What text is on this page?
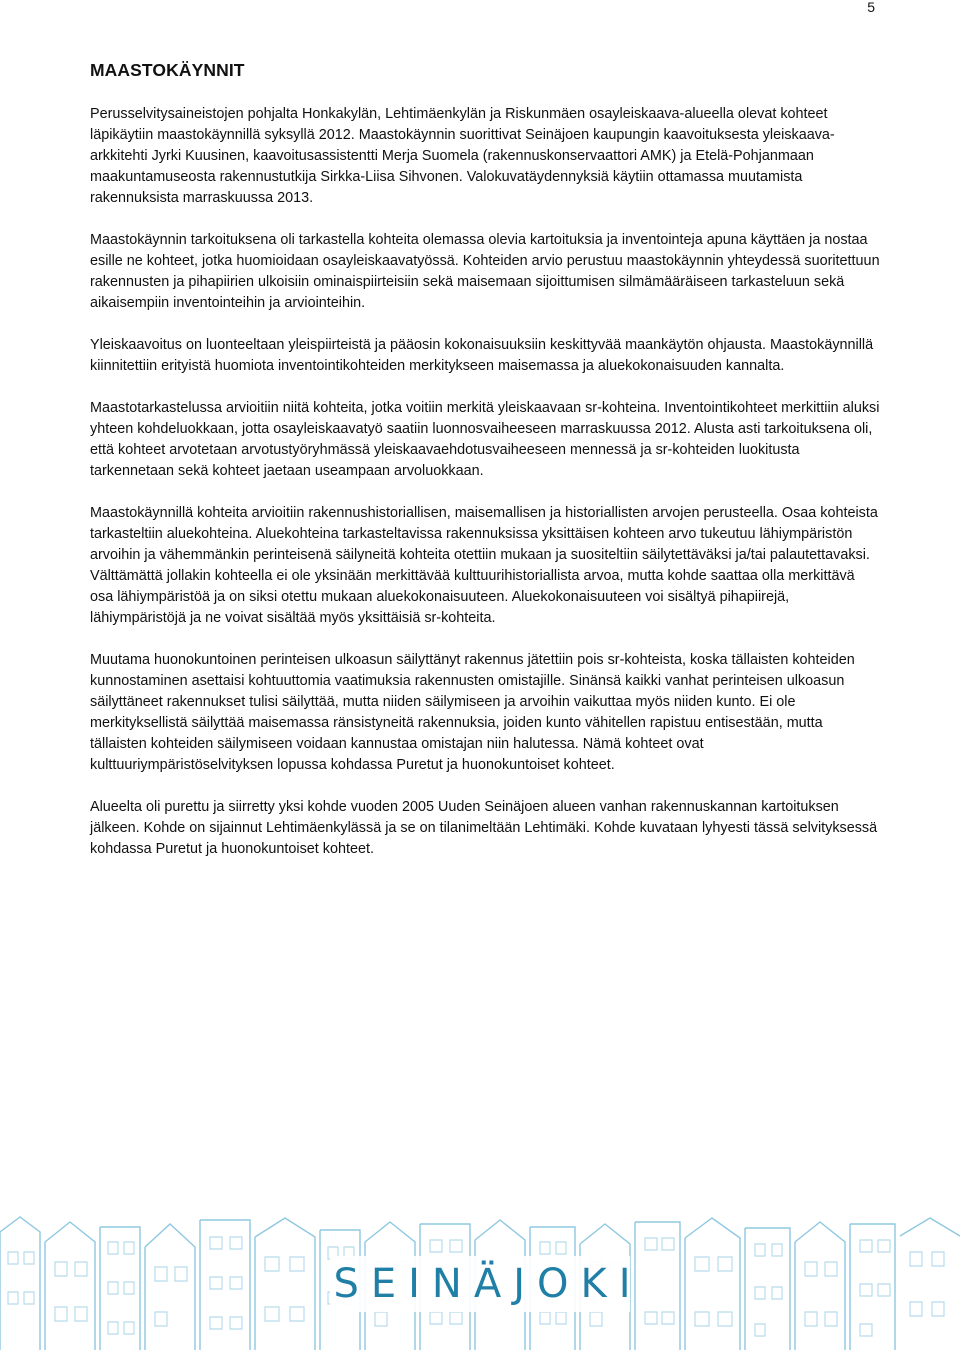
5
MAASTOKÄYNNIT

Perusselvitysaineistojen pohjalta Honkakylän, Lehtimäenkylän ja Riskunmäen osayleiskaava-alueella olevat kohteet läpikäytiin maastokäynnillä syksyllä 2012. Maastokäynnin suorittivat Seinäjoen kaupungin kaavoituksesta yleiskaava-arkkitehti Jyrki Kuusinen, kaavoitusassistentti Merja Suomela (rakennuskonservaattori AMK) ja Etelä-Pohjanmaan maakuntamuseosta rakennustutkija Sirkka-Liisa Sihvonen. Valokuvatäydennyksiä käytiin ottamassa muutamista rakennuksista marraskuussa 2013.

Maastokäynnin tarkoituksena oli tarkastella kohteita olemassa olevia kartoituksia ja inventointeja apuna käyttäen ja nostaa esille ne kohteet, jotka huomioidaan osayleiskaavatyössä. Kohteiden arvio perustuu maastokäynnin yhteydessä suoritettuun rakennusten ja pihapiirien ulkoisiin ominaispiirteisiin sekä maisemaan sijoittumisen silmämääräiseen tarkasteluun sekä aikaisempiin inventointeihin ja arviointeihin.

Yleiskaavoitus on luonteeltaan yleispiirteistä ja pääosin kokonaisuuksiin keskittyvää maankäytön ohjausta. Maastokäynnillä kiinnitettiin erityistä huomiota inventointikohteiden merkitykseen maisemassa ja aluekokonaisuuden kannalta.

Maastotarkastelussa arvioitiin niitä kohteita, jotka voitiin merkitä yleiskaavaan sr-kohteina. Inventointikohteet merkittiin aluksi yhteen kohdeluokkaan, jotta osayleiskaavatyö saatiin luonnosvaiheeseen marraskuussa 2012. Alusta asti tarkoituksena oli, että kohteet arvotetaan arvotustyöryhmässä yleiskaavaehdotusvaiheeseen mennessä ja sr-kohteiden luokitusta tarkennetaan sekä kohteet jaetaan useampaan arvoluokkaan.

Maastokäynnillä kohteita arvioitiin rakennushistoriallisen, maisemallisen ja historiallisten arvojen perusteella. Osaa kohteista tarkasteltiin aluekohteina. Aluekohteina tarkasteltavissa rakennuksissa yksittäisen kohteen arvo tukeutuu lähiympäristön arvoihin ja vähemmänkin perinteisenä säilyneitä kohteita otettiin mukaan ja suositeltiin säilytettäväksi ja/tai palautettavaksi. Välttämättä jollakin kohteella ei ole yksinään merkittävää kulttuurihistoriallista arvoa, mutta kohde saattaa olla merkittävä osa lähiympäristöä ja on siksi otettu mukaan aluekokonaisuuteen. Aluekokonaisuuteen voi sisältyä pihapiirejä, lähiympäristöjä ja ne voivat sisältää myös yksittäisiä sr-kohteita.

Muutama huonokuntoinen perinteisen ulkoasun säilyttänyt rakennus jätettiin pois sr-kohteista, koska tällaisten kohteiden kunnostaminen asettaisi kohtuuttomia vaatimuksia rakennusten omistajille. Sinänsä kaikki vanhat perinteisen ulkoasun säilyttäneet rakennukset tulisi säilyttää, mutta niiden säilymiseen ja arvoihin vaikuttaa myös niiden kunto. Ei ole merkityksellistä säilyttää maisemassa ränsistyneitä rakennuksia, joiden kunto vähitellen rapistuu entisestään, mutta tällaisten kohteiden säilymiseen voidaan kannustaa omistajan niin halutessa. Nämä kohteet ovat kulttuuriympäristöselvityksen lopussa kohdassa Puretut ja huonokuntoiset kohteet.

Alueelta oli purettu ja siirretty yksi kohde vuoden 2005 Uuden Seinäjoen alueen vanhan rakennuskannan kartoituksen jälkeen. Kohde on sijainnut Lehtimäenkylässä ja se on tilanimeltään Lehtimäki. Kohde kuvataan lyhyesti tässä selvityksessä kohdassa Puretut ja huonokuntoiset kohteet.

SEINÄJOKI
